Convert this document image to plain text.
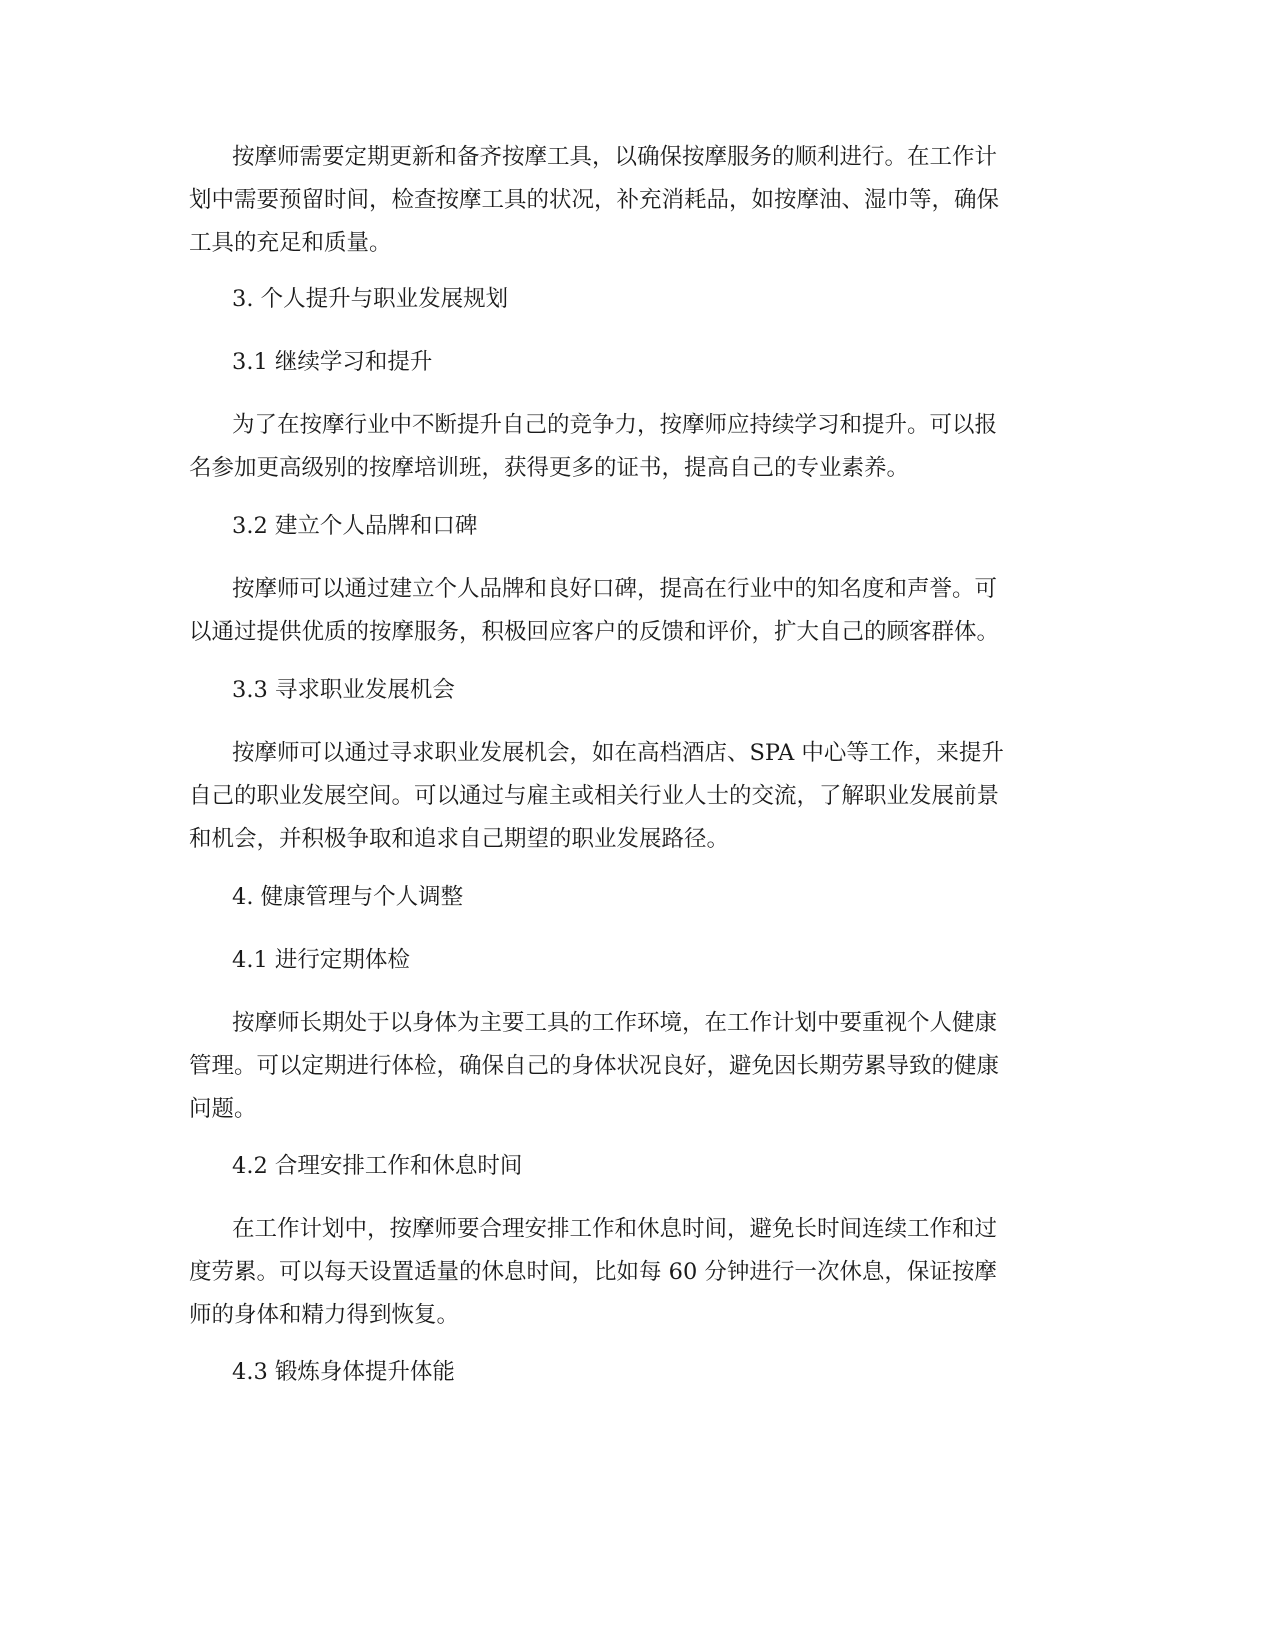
按摩师需要定期更新和备齐按摩工具，以确保按摩服务的顺利进行。在工作计
划中需要预留时间，检查按摩工具的状况，补充消耗品，如按摩油、湿巾等，确保
工具的充足和质量。

3. 个人提升与职业发展规划

3.1 继续学习和提升

为了在按摩行业中不断提升自己的竞争力，按摩师应持续学习和提升。可以报
名参加更高级别的按摩培训班，获得更多的证书，提高自己的专业素养。

3.2 建立个人品牌和口碑

按摩师可以通过建立个人品牌和良好口碑，提高在行业中的知名度和声誉。可
以通过提供优质的按摩服务，积极回应客户的反馈和评价，扩大自己的顾客群体。

3.3 寻求职业发展机会

按摩师可以通过寻求职业发展机会，如在高档酒店、SPA 中心等工作，来提升
自己的职业发展空间。可以通过与雇主或相关行业人士的交流，了解职业发展前景
和机会，并积极争取和追求自己期望的职业发展路径。

4. 健康管理与个人调整

4.1 进行定期体检

按摩师长期处于以身体为主要工具的工作环境，在工作计划中要重视个人健康
管理。可以定期进行体检，确保自己的身体状况良好，避免因长期劳累导致的健康
问题。

4.2 合理安排工作和休息时间

在工作计划中，按摩师要合理安排工作和休息时间，避免长时间连续工作和过
度劳累。可以每天设置适量的休息时间，比如每 60 分钟进行一次休息，保证按摩
师的身体和精力得到恢复。

4.3 锻炼身体提升体能
